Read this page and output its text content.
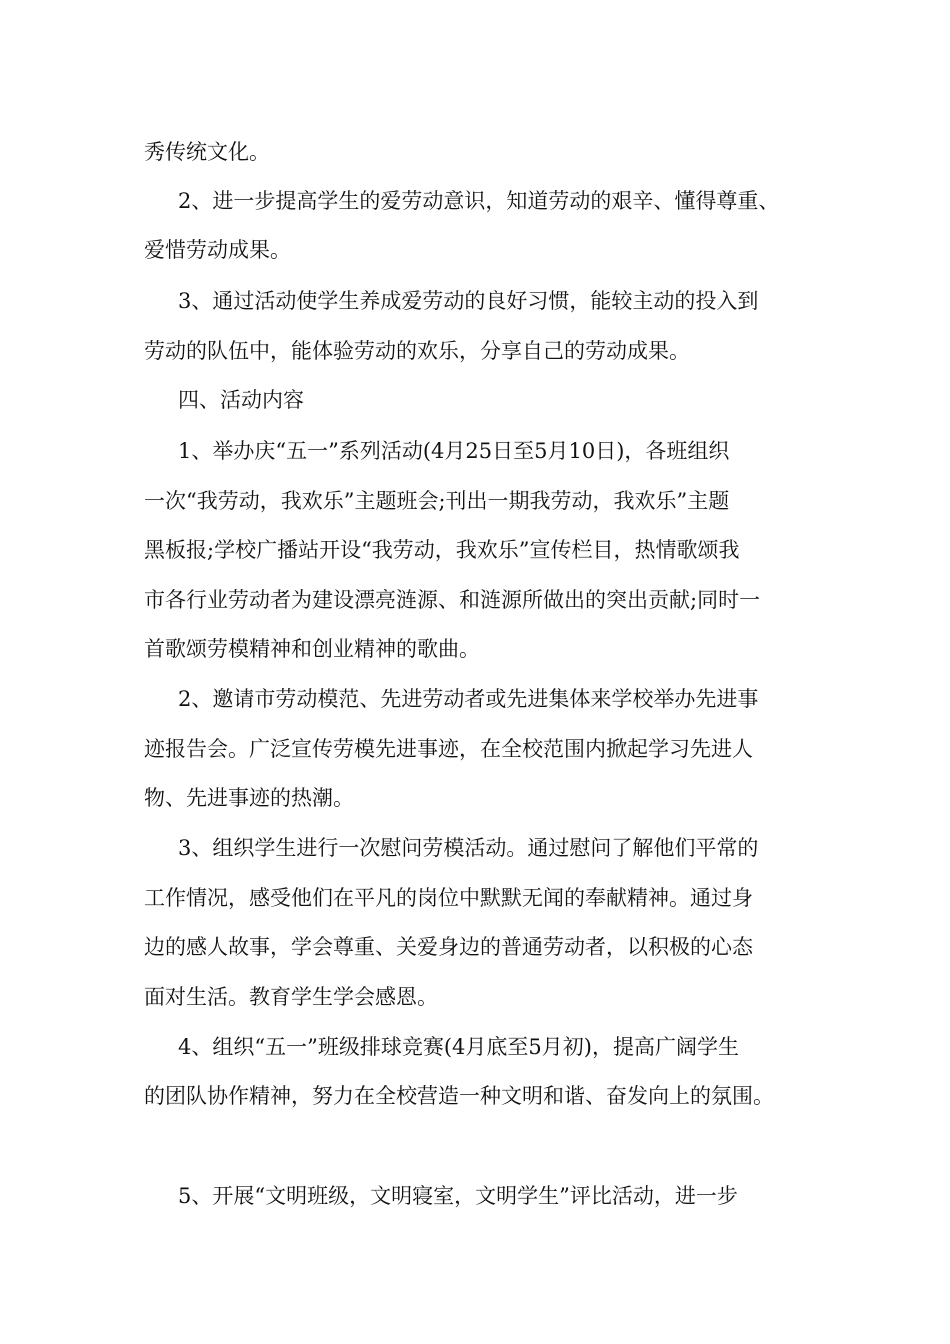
秀传统文化。
2、进一步提高学生的爱劳动意识，知道劳动的艰辛、懂得尊重、
爱惜劳动成果。
3、通过活动使学生养成爱劳动的良好习惯，能较主动的投入到
劳动的队伍中，能体验劳动的欢乐，分享自己的劳动成果。
四、活动内容
1、举办庆“五一”系列活动(4月25日至5月10日)，各班组织
一次“我劳动，我欢乐”主题班会;刊出一期我劳动，我欢乐”主题
黑板报;学校广播站开设“我劳动，我欢乐”宣传栏目，热情歌颂我
市各行业劳动者为建设漂亮涟源、和涟源所做出的突出贡献;同时一
首歌颂劳模精神和创业精神的歌曲。
2、邀请市劳动模范、先进劳动者或先进集体来学校举办先进事
迹报告会。广泛宣传劳模先进事迹，在全校范围内掀起学习先进人
物、先进事迹的热潮。
3、组织学生进行一次慰问劳模活动。通过慰问了解他们平常的
工作情况，感受他们在平凡的岗位中默默无闻的奉献精神。通过身
边的感人故事，学会尊重、关爱身边的普通劳动者，以积极的心态
面对生活。教育学生学会感恩。
4、组织“五一”班级排球竞赛(4月底至5月初)，提高广阔学生
的团队协作精神，努力在全校营造一种文明和谐、奋发向上的氛围。
5、开展“文明班级，文明寝室，文明学生”评比活动，进一步
